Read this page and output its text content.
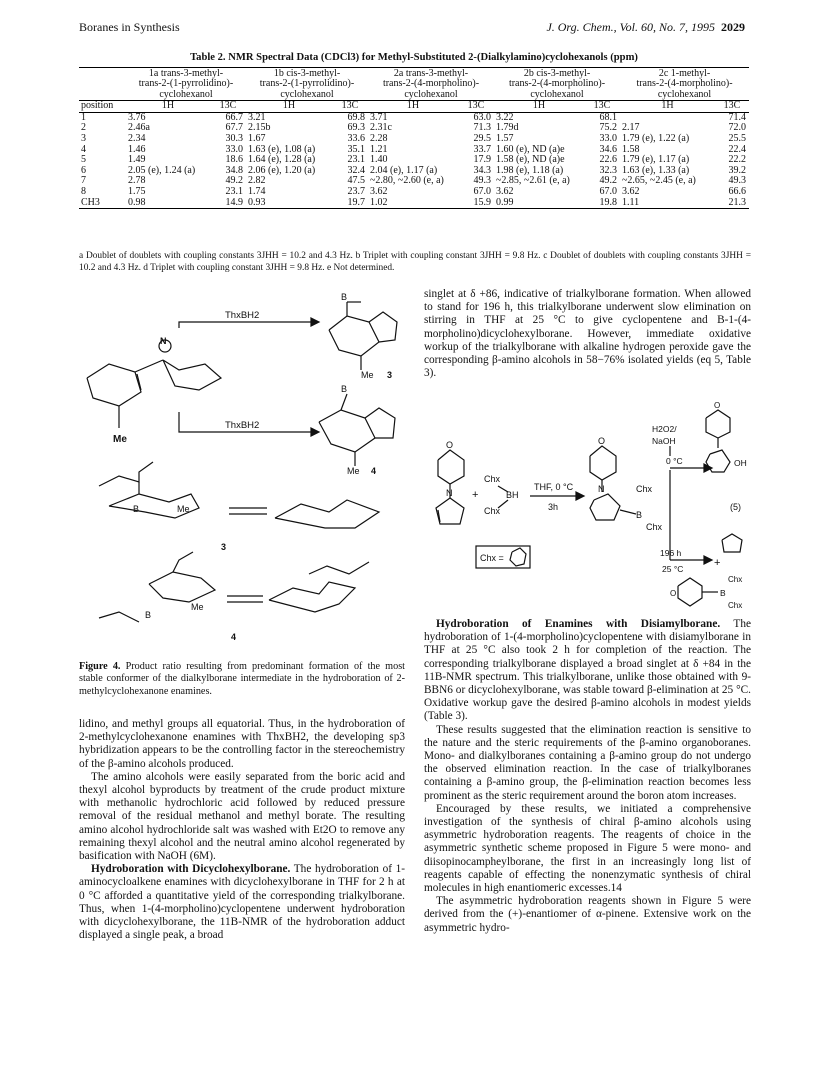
Boranes in Synthesis	J. Org. Chem., Vol. 60, No. 7, 1995 2029
Table 2. NMR Spectral Data (CDCl3) for Methyl-Substituted 2-(Dialkylamino)cyclohexanols (ppm)
	1a trans-3-methyl-
trans-2-(1-pyrrolidino)-
cyclohexanol		1b cis-3-methyl-
trans-2-(1-pyrrolidino)-
cyclohexanol		2a trans-3-methyl-
trans-2-(4-morpholino)-
cyclohexanol		2b cis-3-methyl-
trans-2-(4-morpholino)-
cyclohexanol		2c 1-methyl-
trans-2-(4-morpholino)-
cyclohexanol	
position	1H	13C	1H	13C	1H	13C	1H	13C	1H	13C
1	3.76	66.7	3.21	69.8	3.71	63.0	3.22	68.1		71.4
2	2.46a	67.7	2.15b	69.3	2.31c	71.3	1.79d	75.2	2.17	72.0
3	2.34	30.3	1.67	33.6	2.28	29.5	1.57	33.0	1.79 (e), 1.22 (a)	25.5
4	1.46	33.0	1.63 (e), 1.08 (a)	35.1	1.21	33.7	1.60 (e), ND (a)e	34.6	1.58	22.4
5	1.49	18.6	1.64 (e), 1.28 (a)	23.1	1.40	17.9	1.58 (e), ND (a)e	22.6	1.79 (e), 1.17 (a)	22.2
6	2.05 (e), 1.24 (a)	34.8	2.06 (e), 1.20 (a)	32.4	2.04 (e), 1.17 (a)	34.3	1.98 (e), 1.18 (a)	32.3	1.63 (e), 1.33 (a)	39.2
7	2.78	49.2	2.82	47.5	~2.80, ~2.60 (e, a)	49.3	~2.85, ~2.61 (e, a)	49.2	~2.65, ~2.45 (e, a)	49.3
8	1.75	23.1	1.74	23.7	3.62	67.0	3.62	67.0	3.62	66.6
CH3	0.98	14.9	0.93	19.7	1.02	15.9	0.99	19.8	1.11	21.3
a Doublet of doublets with coupling constants 3JHH = 10.2 and 4.3 Hz. b Triplet with coupling constant 3JHH = 9.8 Hz. c Doublet of doublets with coupling constants 3JHH = 10.2 and 4.3 Hz. d Triplet with coupling constant 3JHH = 9.8 Hz. e Not determined.
Me
N
ThxBH2
ThxBH2
B
Me 3
B
Me 4
B	Me
3
B
Me
4
Figure 4. Product ratio resulting from predominant formation of the most stable conformer of the dialkylborane intermediate in the hydroboration of 2-methylcyclohexanone enamines.

lidino, and methyl groups all equatorial. Thus, in the hydroboration of 2-methylcyclohexanone enamines with ThxBH2, the developing sp3 hybridization appears to be the controlling factor in the stereochemistry of the β-amino alcohols produced.

The amino alcohols were easily separated from the boric acid and thexyl alcohol byproducts by treatment of the crude product mixture with methanolic hydrochloric acid followed by reduced pressure removal of the residual methanol and methyl borate. The resulting amino alcohol hydrochloride salt was washed with Et2O to remove any remaining thexyl alcohol and the neutral amino alcohol regenerated by basification with NaOH (6M).

Hydroboration with Dicyclohexylborane. The hydroboration of 1-aminocycloalkene enamines with dicyclohexylborane in THF for 2 h at 0 °C afforded a quantitative yield of the corresponding trialkylborane. Thus, when 1-(4-morpholino)cyclopentene underwent hydroboration with dicyclohexylborane, the 11B-NMR of the hydroboration adduct displayed a single peak, a broad

singlet at δ +86, indicative of trialkylborane formation. When allowed to stand for 196 h, this trialkylborane underwent slow elimination on stirring in THF at 25 °C to give cyclopentene and B-1-(4-morpholino)dicyclohexylborane. However, immediate oxidative workup of the trialkylborane with alkaline hydrogen peroxide gave the corresponding β-amino alcohols in 58−76% isolated yields (eq 5, Table 3).

O
N +
Chx
BH
Chx
THF, 0 °C
3h
Chx =
O
N
B
Chx
Chx
H2O2/
NaOH
0 °C
196 h
25 °C
O
OH
(5)
+
O	B
Chx
Chx

Hydroboration of Enamines with Disiamylborane. The hydroboration of 1-(4-morpholino)cyclopentene with disiamylborane in THF at 25 °C also took 2 h for completion of the reaction. The corresponding trialkylborane displayed a broad singlet at δ +84 in the 11B-NMR spectrum. This trialkylborane, unlike those obtained with 9-BBN6 or dicyclohexylborane, was stable toward β-elimination at 25 °C. Oxidative workup gave the desired β-amino alcohols in modest yields (Table 3).

These results suggested that the elimination reaction is sensitive to the nature and the steric requirements of the β-amino organoboranes. Mono- and dialkylboranes containing a β-amino group do not undergo the observed elimination reaction. In the case of trialkylboranes containing a β-amino group, the β-elimination reaction becomes less prominent as the steric requirement around the boron atom increases.

Encouraged by these results, we initiated a comprehensive investigation of the synthesis of chiral β-amino alcohols using asymmetric hydroboration reagents. The reagents of choice in the asymmetric synthetic scheme proposed in Figure 5 were mono- and diisopinocampheylborane, the first in an increasingly long list of reagents capable of effecting the nonenzymatic synthesis of chiral molecules in high enantiomeric excesses.14

The asymmetric hydroboration reagents shown in Figure 5 were derived from the (+)-enantiomer of α-pinene. Extensive work on the asymmetric hydro-
